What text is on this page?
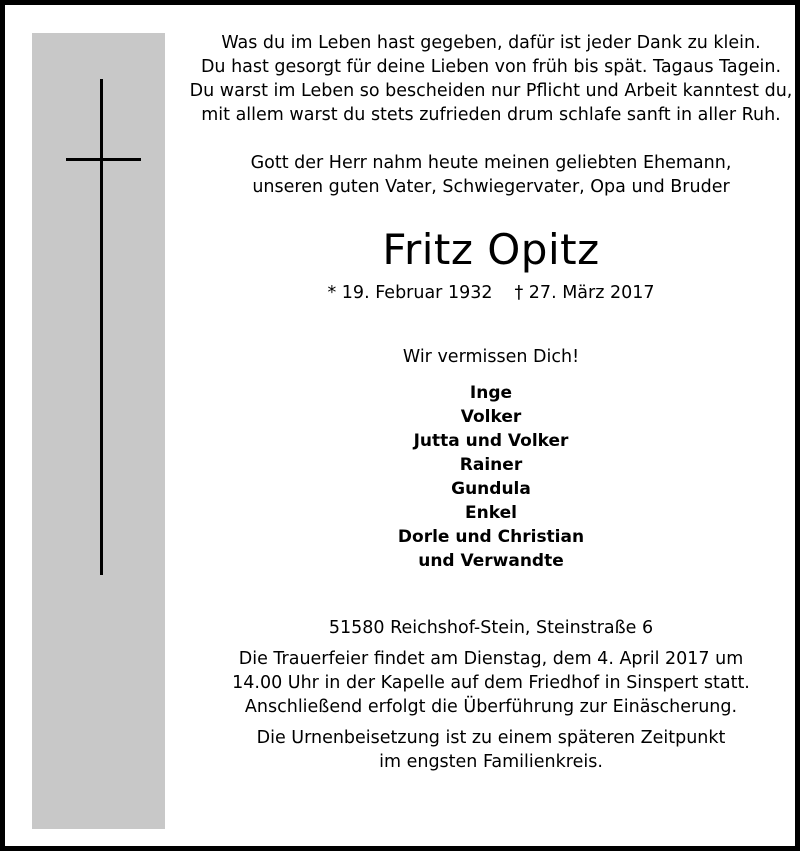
Was du im Leben hast gegeben, dafür ist jeder Dank zu klein.
Du hast gesorgt für deine Lieben von früh bis spät. Tagaus Tagein.
Du warst im Leben so bescheiden nur Pflicht und Arbeit kanntest du,
mit allem warst du stets zufrieden drum schlafe sanft in aller Ruh.
Gott der Herr nahm heute meinen geliebten Ehemann,
unseren guten Vater, Schwiegervater, Opa und Bruder
Fritz Opitz
* 19. Februar 1932 † 27. März 2017
Wir vermissen Dich!
Inge
Volker
Jutta und Volker
Rainer
Gundula
Enkel
Dorle und Christian
und Verwandte
51580 Reichshof-Stein, Steinstraße 6
Die Trauerfeier findet am Dienstag, dem 4. April 2017 um
14.00 Uhr in der Kapelle auf dem Friedhof in Sinspert statt.
Anschließend erfolgt die Überführung zur Einäscherung.
Die Urnenbeisetzung ist zu einem späteren Zeitpunkt
im engsten Familienkreis.
